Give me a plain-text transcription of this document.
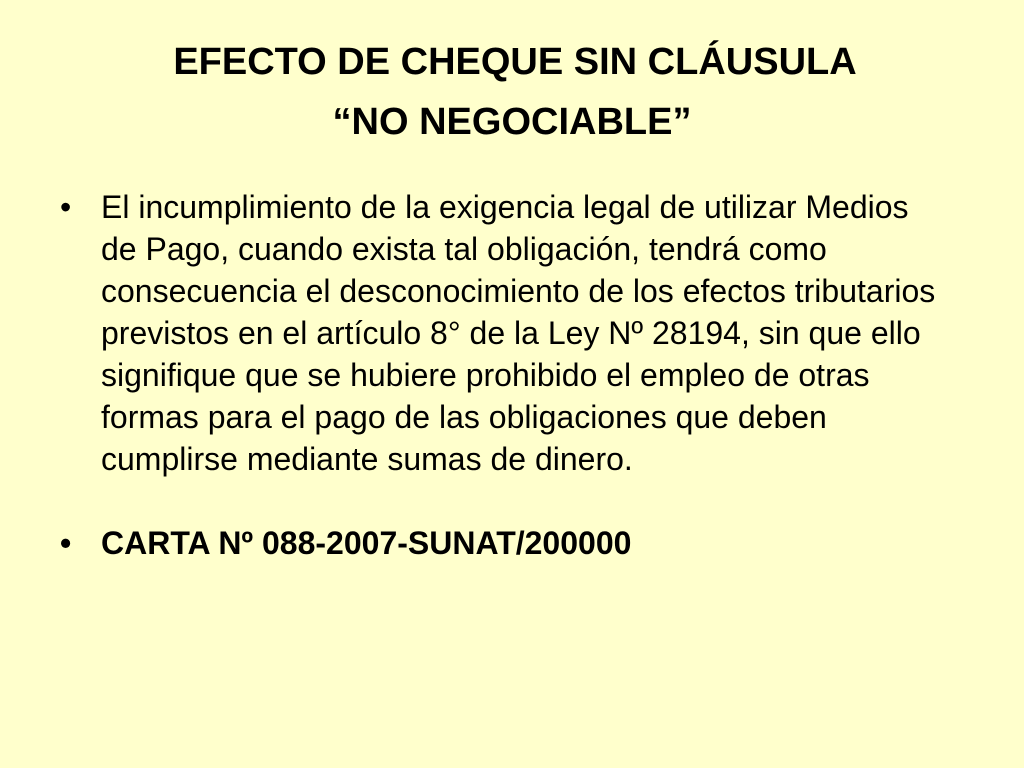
EFECTO DE CHEQUE SIN CLÁUSULA
“NO NEGOCIABLE”
• El incumplimiento de la exigencia legal de utilizar Medios de Pago, cuando exista tal obligación, tendrá como consecuencia el desconocimiento de los efectos tributarios previstos en el artículo 8° de la Ley Nº 28194, sin que ello signifique que se hubiere prohibido el empleo de otras formas para el pago de las obligaciones que deben cumplirse mediante sumas de dinero.
• CARTA Nº 088-2007-SUNAT/200000
